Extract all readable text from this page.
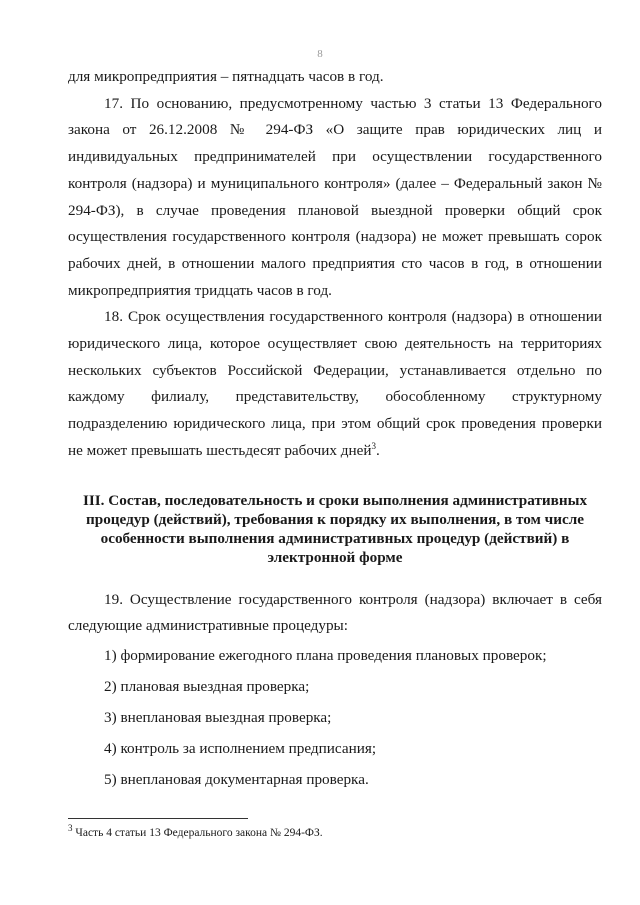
8

для микропредприятия – пятнадцать часов в год.

17. По основанию, предусмотренному частью 3 статьи 13 Федерального закона от 26.12.2008 № 294-ФЗ «О защите прав юридических лиц и индивидуальных предпринимателей при осуществлении государственного контроля (надзора) и муниципального контроля» (далее – Федеральный закон № 294-ФЗ), в случае проведения плановой выездной проверки общий срок осуществления государственного контроля (надзора) не может превышать сорок рабочих дней, в отношении малого предприятия сто часов в год, в отношении микропредприятия тридцать часов в год.

18. Срок осуществления государственного контроля (надзора) в отношении юридического лица, которое осуществляет свою деятельность на территориях нескольких субъектов Российской Федерации, устанавливается отдельно по каждому филиалу, представительству, обособленному структурному подразделению юридического лица, при этом общий срок проведения проверки не может превышать шестьдесят рабочих дней$^3$.

III. Состав, последовательность и сроки выполнения административных процедур (действий), требования к порядку их выполнения, в том числе особенности выполнения административных процедур (действий) в электронной форме

19. Осуществление государственного контроля (надзора) включает в себя следующие административные процедуры:

1) формирование ежегодного плана проведения плановых проверок;

2) плановая выездная проверка;

3) внеплановая выездная проверка;

4) контроль за исполнением предписания;

5) внеплановая документарная проверка.

$^3$ Часть 4 статьи 13 Федерального закона № 294-ФЗ.
